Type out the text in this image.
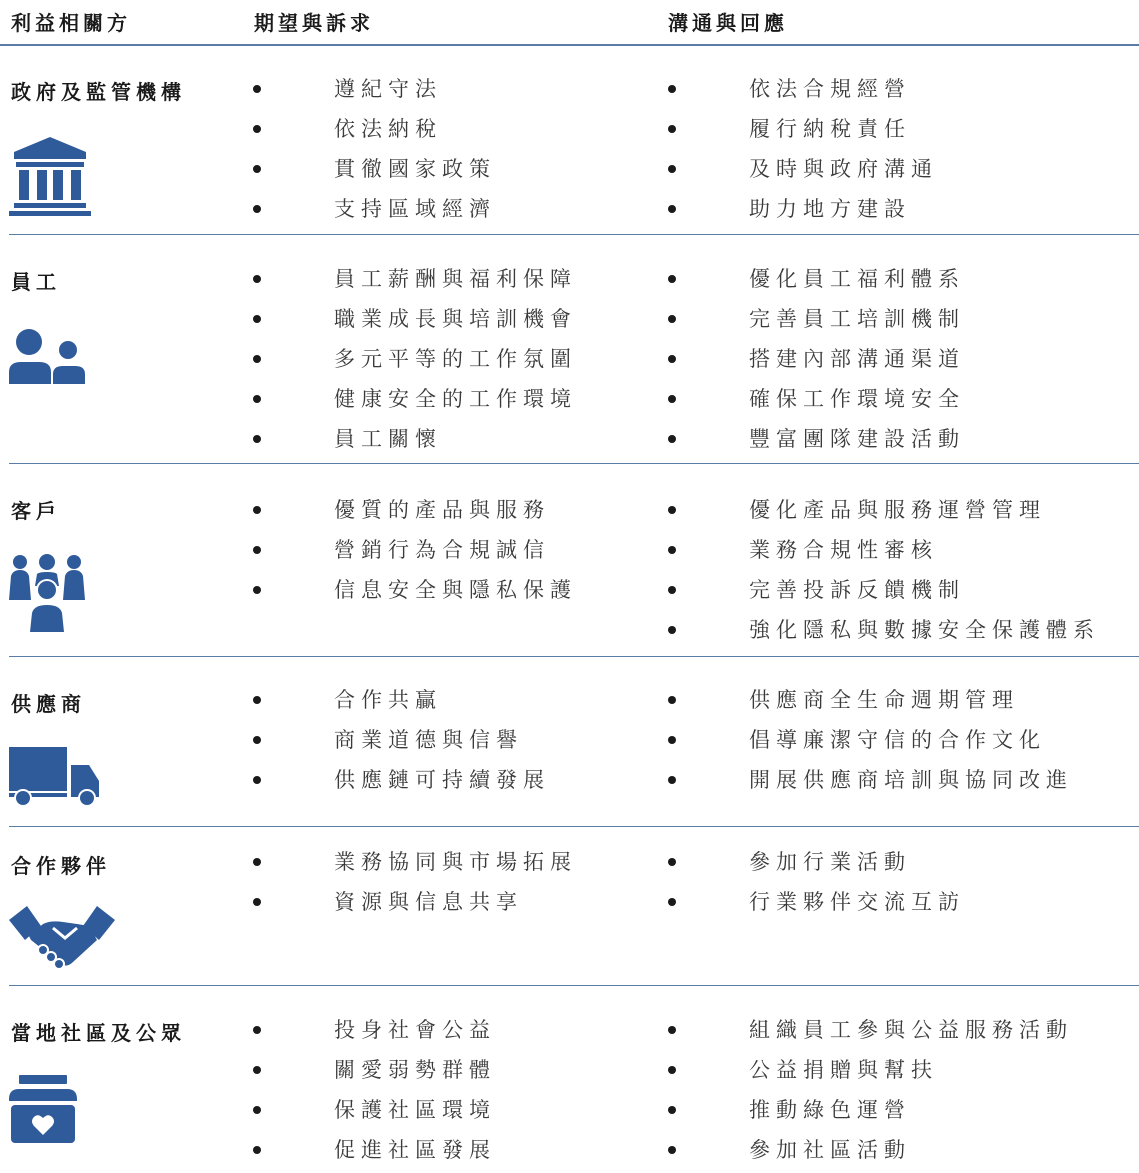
利益相關方	期望與訴求	溝通與回應
政府及監管機構
員工
客戶
供應商
合作夥伴
當地社區及公眾
遵紀守法
依法納稅
貫徹國家政策
支持區域經濟
依法合規經營
履行納稅責任
及時與政府溝通
助力地方建設
員工薪酬與福利保障
職業成長與培訓機會
多元平等的工作氛圍
健康安全的工作環境
員工關懷
優化員工福利體系
完善員工培訓機制
搭建內部溝通渠道
確保工作環境安全
豐富團隊建設活動
優質的產品與服務
營銷行為合規誠信
信息安全與隱私保護
優化產品與服務運營管理
業務合規性審核
完善投訴反饋機制
強化隱私與數據安全保護體系
合作共贏
商業道德與信譽
供應鏈可持續發展
供應商全生命週期管理
倡導廉潔守信的合作文化
開展供應商培訓與協同改進
業務協同與市場拓展
資源與信息共享
參加行業活動
行業夥伴交流互訪
投身社會公益
關愛弱勢群體
保護社區環境
促進社區發展
組織員工參與公益服務活動
公益捐贈與幫扶
推動綠色運營
參加社區活動
